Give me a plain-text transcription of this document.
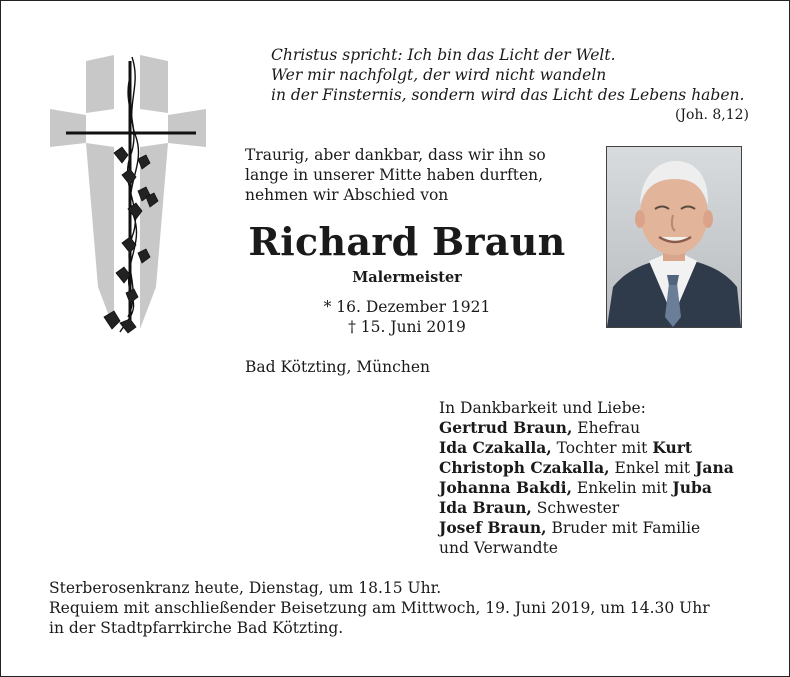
Christus spricht: Ich bin das Licht der Welt.
Wer mir nachfolgt, der wird nicht wandeln
in der Finsternis, sondern wird das Licht des Lebens haben.
(Joh. 8,12)
Traurig, aber dankbar, dass wir ihn so
lange in unserer Mitte haben durften,
nehmen wir Abschied von
Richard Braun
Malermeister
* 16. Dezember 1921
† 15. Juni 2019
Bad Kötzting, München
In Dankbarkeit und Liebe:
Gertrud Braun, Ehefrau
Ida Czakalla, Tochter mit Kurt
Christoph Czakalla, Enkel mit Jana
Johanna Bakdi, Enkelin mit Juba
Ida Braun, Schwester
Josef Braun, Bruder mit Familie
und Verwandte
Sterberosenkranz heute, Dienstag, um 18.15 Uhr.
Requiem mit anschließender Beisetzung am Mittwoch, 19. Juni 2019, um 14.30 Uhr
in der Stadtpfarrkirche Bad Kötzting.
